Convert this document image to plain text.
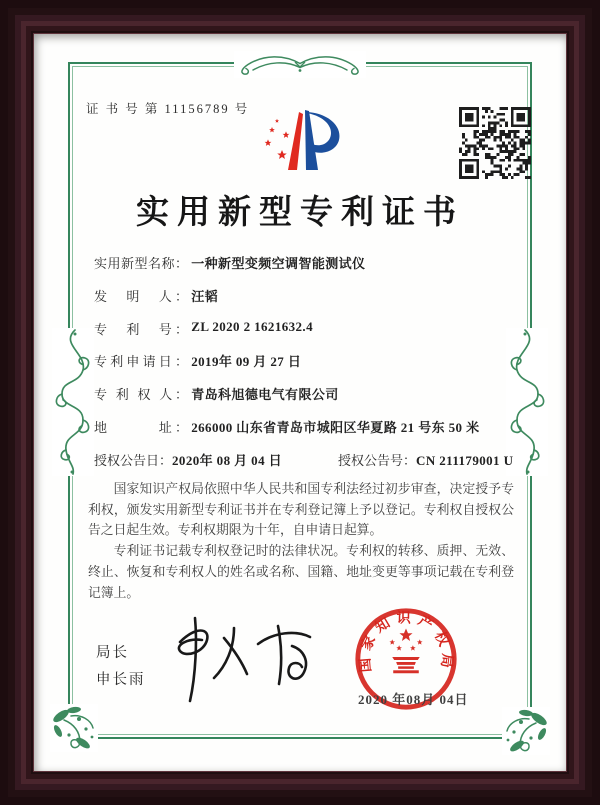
证 书 号 第 11156789 号
实用新型专利证书
实用新型名称： 一种新型变频空调智能测试仪
发　明　人： 汪韬
专　利　号： ZL 2020 2 1621632.4
专利申请日： 2019年 09 月 27 日
专 利 权 人： 青岛科旭德电气有限公司
地　　　址： 266000 山东省青岛市城阳区华夏路 21 号东 50 米
授权公告日：2020年 08 月 04 日	授权公告号：CN 211179001 U

国家知识产权局依照中华人民共和国专利法经过初步审查，决定授予专利权，颁发实用新型专利证书并在专利登记簿上予以登记。专利权自授权公告之日起生效。专利权期限为十年，自申请日起算。

专利证书记载专利权登记时的法律状况。专利权的转移、质押、无效、终止、恢复和专利权人的姓名或名称、国籍、地址变更等事项记载在专利登记簿上。

局长
申长雨
国家知识产权局
2020 年08月 04日
